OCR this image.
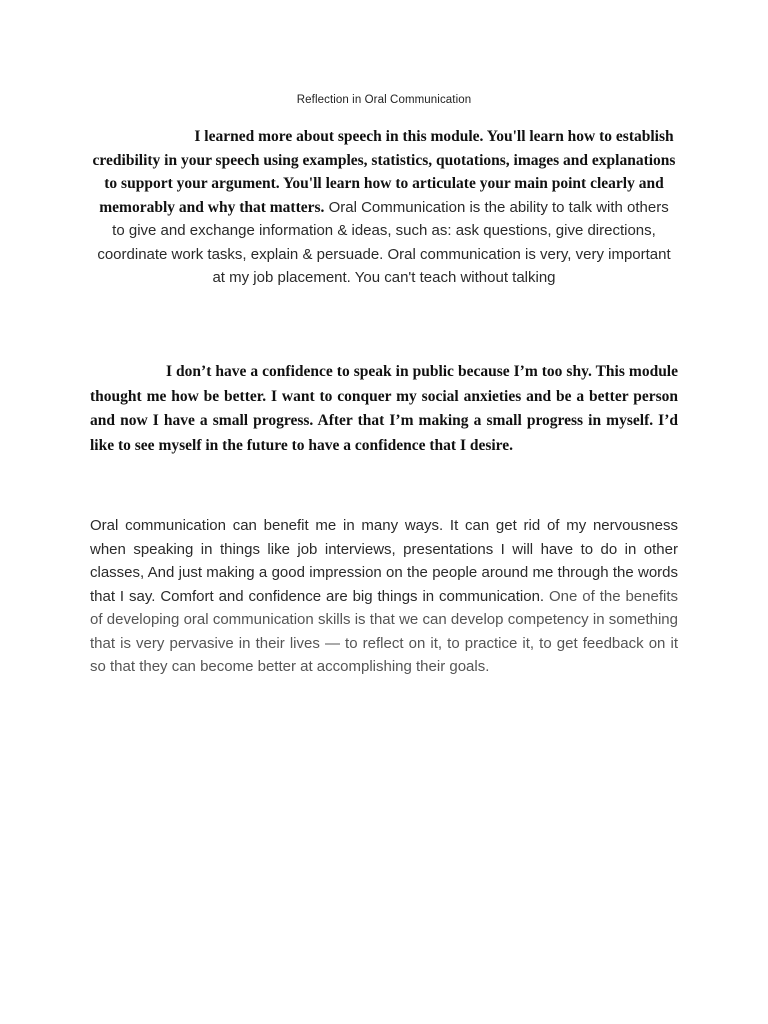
Reflection in Oral Communication
I learned more about speech in this module. You'll learn how to establish credibility in your speech using examples, statistics, quotations, images and explanations to support your argument. You'll learn how to articulate your main point clearly and memorably and why that matters. Oral Communication is the ability to talk with others to give and exchange information & ideas, such as: ask questions, give directions, coordinate work tasks, explain & persuade. Oral communication is very, very important at my job placement. You can't teach without talking
I don’t have a confidence to speak in public because I’m too shy. This module thought me how be better. I want to conquer my social anxieties and be a better person and now I have a small progress. After that I’m making a small progress in myself. I’d like to see myself in the future to have a confidence that I desire.
Oral communication can benefit me in many ways. It can get rid of my nervousness when speaking in things like job interviews, presentations I will have to do in other classes, And just making a good impression on the people around me through the words that I say. Comfort and confidence are big things in communication. One of the benefits of developing oral communication skills is that we can develop competency in something that is very pervasive in their lives — to reflect on it, to practice it, to get feedback on it so that they can become better at accomplishing their goals.
